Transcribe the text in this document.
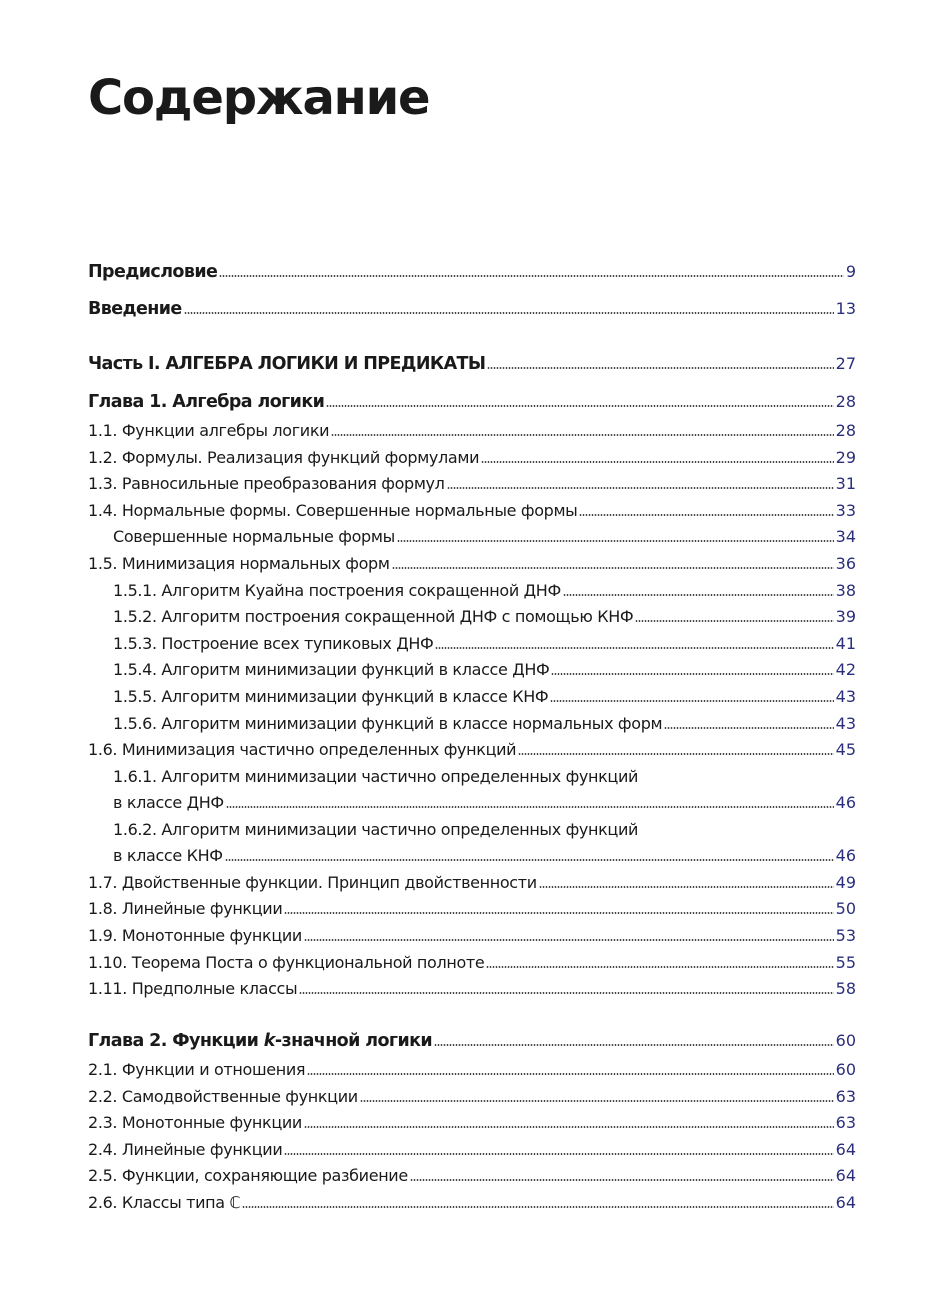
Содержание
Предисловие	9
Введение	13
Часть I. АЛГЕБРА ЛОГИКИ И ПРЕДИКАТЫ	27
Глава 1. Алгебра логики	28
1.1. Функции алгебры логики	28
1.2. Формулы. Реализация функций формулами	29
1.3. Равносильные преобразования формул	31
1.4. Нормальные формы. Совершенные нормальные формы	33
Совершенные нормальные формы	34
1.5. Минимизация нормальных форм	36
1.5.1. Алгоритм Куайна построения сокращенной ДНФ	38
1.5.2. Алгоритм построения сокращенной ДНФ с помощью КНФ	39
1.5.3. Построение всех тупиковых ДНФ	41
1.5.4. Алгоритм минимизации функций в классе ДНФ	42
1.5.5. Алгоритм минимизации функций в классе КНФ	43
1.5.6. Алгоритм минимизации функций в классе нормальных форм	43
1.6. Минимизация частично определенных функций	45
1.6.1. Алгоритм минимизации частично определенных функций
в классе ДНФ	46
1.6.2. Алгоритм минимизации частично определенных функций
в классе КНФ	46
1.7. Двойственные функции. Принцип двойственности	49
1.8. Линейные функции	50
1.9. Монотонные функции	53
1.10. Теорема Поста о функциональной полноте	55
1.11. Предполные классы	58
Глава 2. Функции k-значной логики	60
2.1. Функции и отношения	60
2.2. Самодвойственные функции	63
2.3. Монотонные функции	63
2.4. Линейные функции	64
2.5. Функции, сохраняющие разбиение	64
2.6. Классы типа ℂ	64
